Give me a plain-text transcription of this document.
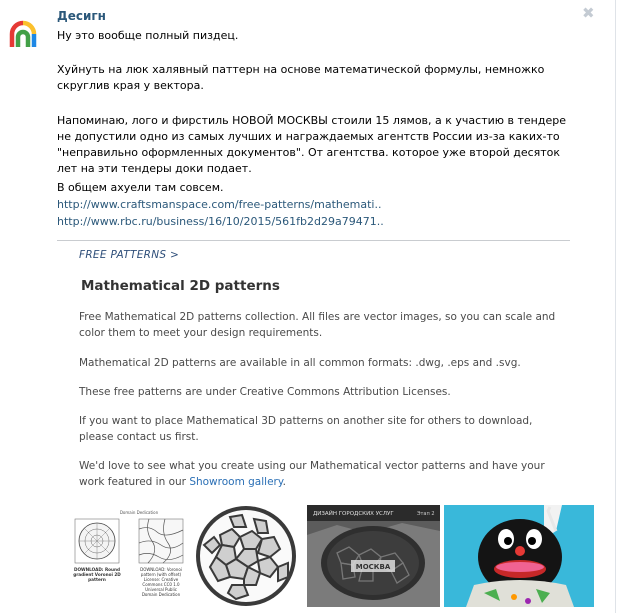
Десигн	✖
Ну это вообще полный пиздец.
Хуйнуть на люк халявный паттерн на основе математической формулы, немножко скруглив края у вектора.
Напоминаю, лого и фирстиль НОВОЙ МОСКВЫ стоили 15 лямов, а к участию в тендере не допустили одно из самых лучших и награждаемых агентств России из-за каких-то "неправильно оформленных документов". От агентства. которое уже второй десяток лет на эти тендеры доки подает.
В общем ахуели там совсем.
http://www.craftsmanspace.com/free-patterns/mathemati..
http://www.rbc.ru/business/16/10/2015/561fb2d29a79471..
FREE PATTERNS >
Mathematical 2D patterns
Free Mathematical 2D patterns collection. All files are vector images, so you can scale and color them to meet your design requirements.
Mathematical 2D patterns are available in all common formats: .dwg, .eps and .svg.
These free patterns are under Creative Commons Attribution Licenses.
If you want to place Mathematical 3D patterns on another site for others to download, please contact us first.
We'd love to see what you create using our Mathematical vector patterns and have your work featured in our Showroom gallery.
Domain Dedication
DOWNLOAD: Round gradient Voronoi 2D pattern
DOWNLOAD: Voronoi pattern (with offset) License: Creative Commons CC0 1.0 Universal Public Domain Dedication
ДИЗАЙН ГОРОДСКИХ УСЛУГ	Этап 2
МОСКВА
